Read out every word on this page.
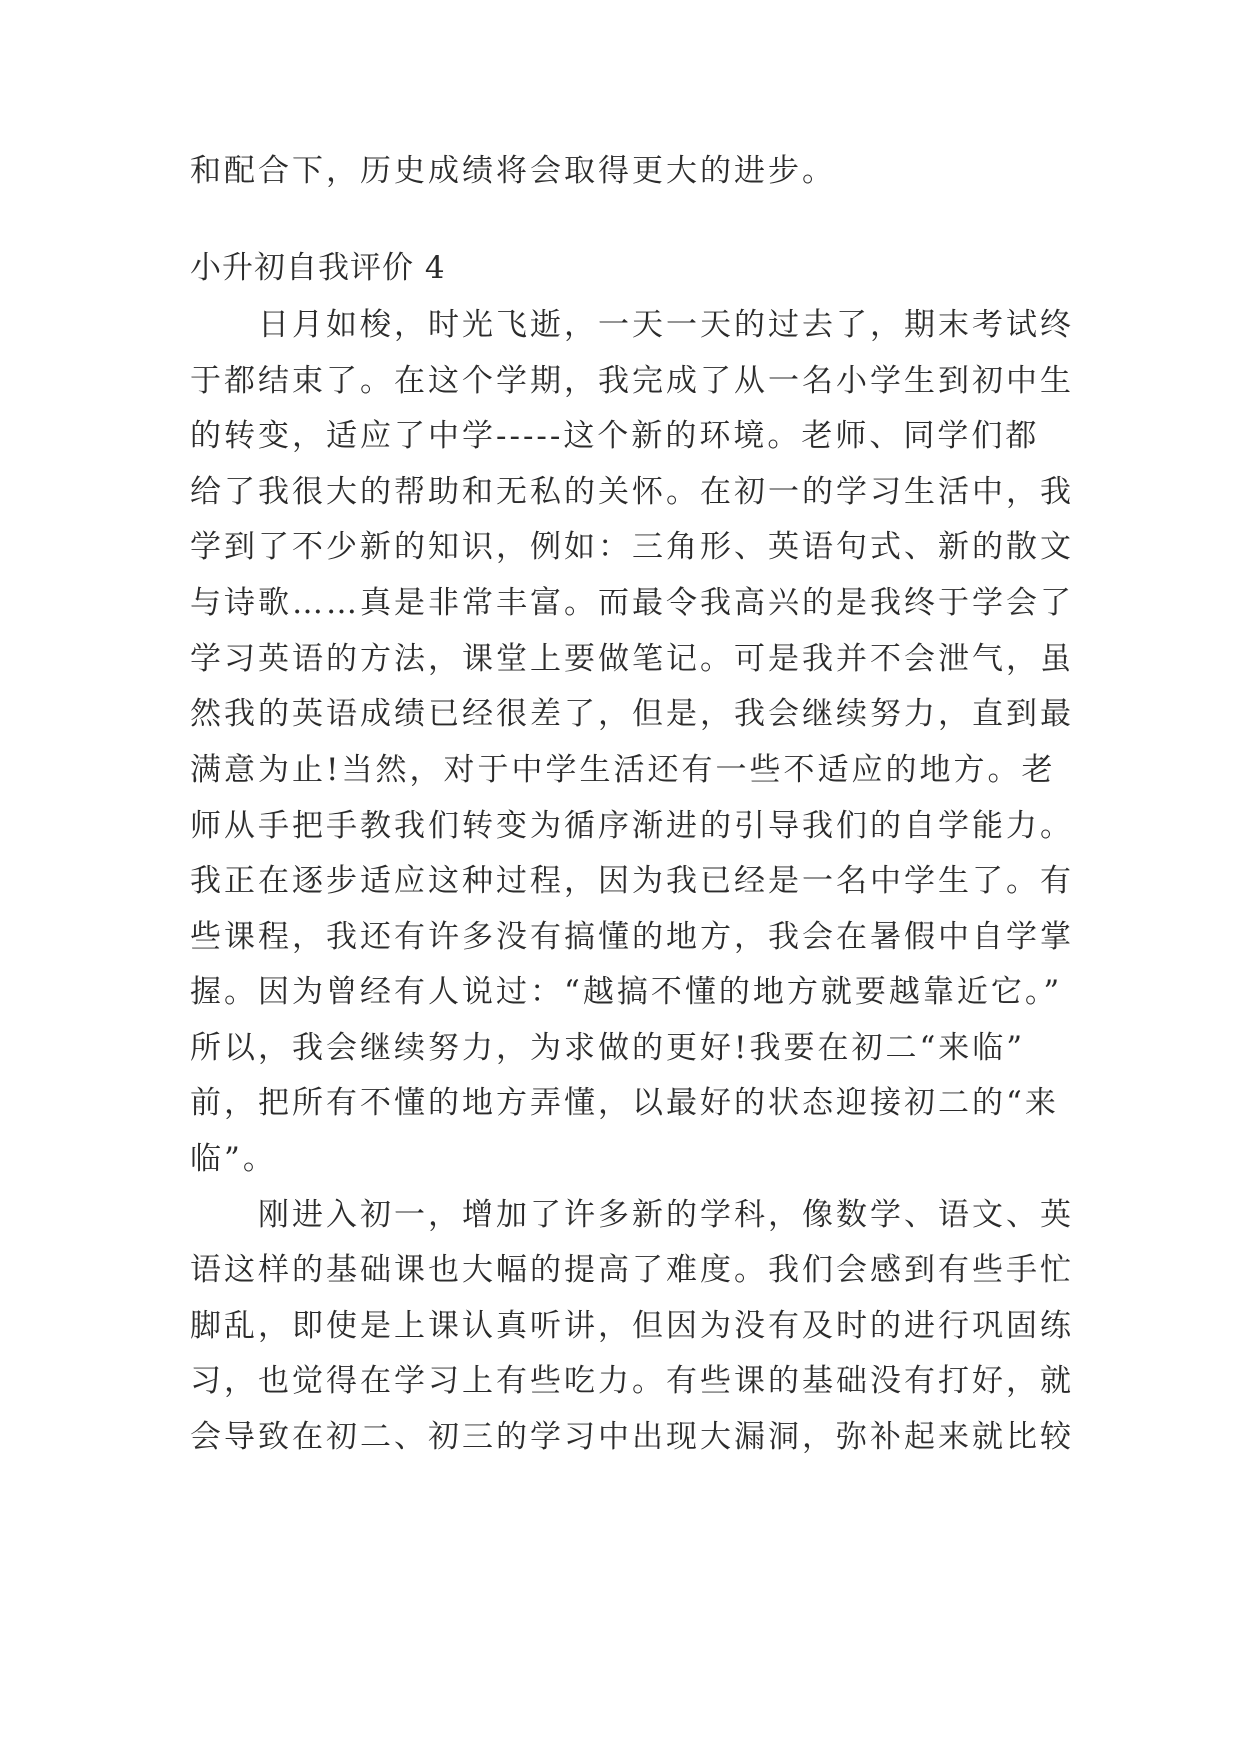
和配合下，历史成绩将会取得更大的进步。
小升初自我评价 4
日月如梭，时光飞逝，一天一天的过去了，期末考试终
于都结束了。在这个学期，我完成了从一名小学生到初中生
的转变，适应了中学-----这个新的环境。老师、同学们都
给了我很大的帮助和无私的关怀。在初一的学习生活中，我
学到了不少新的知识，例如：三角形、英语句式、新的散文
与诗歌……真是非常丰富。而最令我高兴的是我终于学会了
学习英语的方法，课堂上要做笔记。可是我并不会泄气，虽
然我的英语成绩已经很差了，但是，我会继续努力，直到最
满意为止!当然，对于中学生活还有一些不适应的地方。老
师从手把手教我们转变为循序渐进的引导我们的自学能力。
我正在逐步适应这种过程，因为我已经是一名中学生了。有
些课程，我还有许多没有搞懂的地方，我会在暑假中自学掌
握。因为曾经有人说过：“越搞不懂的地方就要越靠近它。”
所以，我会继续努力，为求做的更好!我要在初二“来临”
前，把所有不懂的地方弄懂，以最好的状态迎接初二的“来
临”。
刚进入初一，增加了许多新的学科，像数学、语文、英
语这样的基础课也大幅的提高了难度。我们会感到有些手忙
脚乱，即使是上课认真听讲，但因为没有及时的进行巩固练
习，也觉得在学习上有些吃力。有些课的基础没有打好，就
会导致在初二、初三的学习中出现大漏洞，弥补起来就比较
